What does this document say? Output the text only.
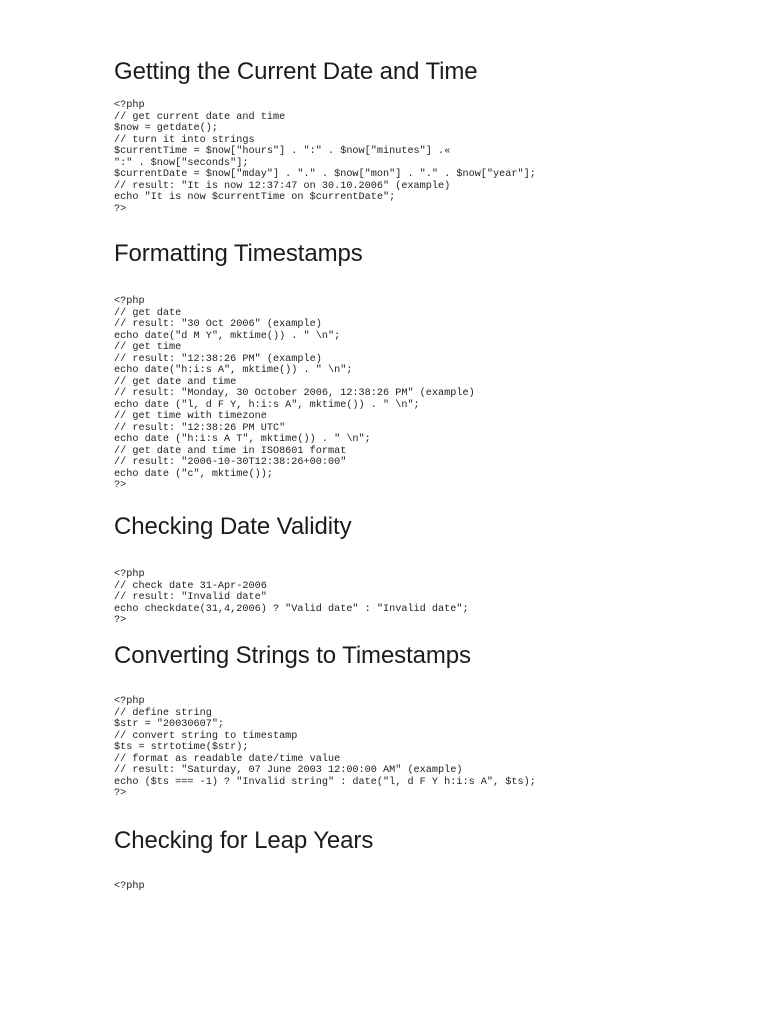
Getting the Current Date and Time
<?php
// get current date and time
$now = getdate();
// turn it into strings
$currentTime = $now["hours"] . ":" . $now["minutes"] .«
":" . $now["seconds"];
$currentDate = $now["mday"] . "." . $now["mon"] . "." . $now["year"];
// result: "It is now 12:37:47 on 30.10.2006" (example)
echo "It is now $currentTime on $currentDate";
?>
Formatting Timestamps
<?php
// get date
// result: "30 Oct 2006" (example)
echo date("d M Y", mktime()) . " \n";
// get time
// result: "12:38:26 PM" (example)
echo date("h:i:s A", mktime()) . " \n";
// get date and time
// result: "Monday, 30 October 2006, 12:38:26 PM" (example)
echo date ("l, d F Y, h:i:s A", mktime()) . " \n";
// get time with timezone
// result: "12:38:26 PM UTC"
echo date ("h:i:s A T", mktime()) . " \n";
// get date and time in ISO8601 format
// result: "2006-10-30T12:38:26+00:00"
echo date ("c", mktime());
?>
Checking Date Validity
<?php
// check date 31-Apr-2006
// result: "Invalid date"
echo checkdate(31,4,2006) ? "Valid date" : "Invalid date";
?>
Converting Strings to Timestamps
<?php
// define string
$str = "20030607";
// convert string to timestamp
$ts = strtotime($str);
// format as readable date/time value
// result: "Saturday, 07 June 2003 12:00:00 AM" (example)
echo ($ts === -1) ? "Invalid string" : date("l, d F Y h:i:s A", $ts);
?>
Checking for Leap Years
<?php
